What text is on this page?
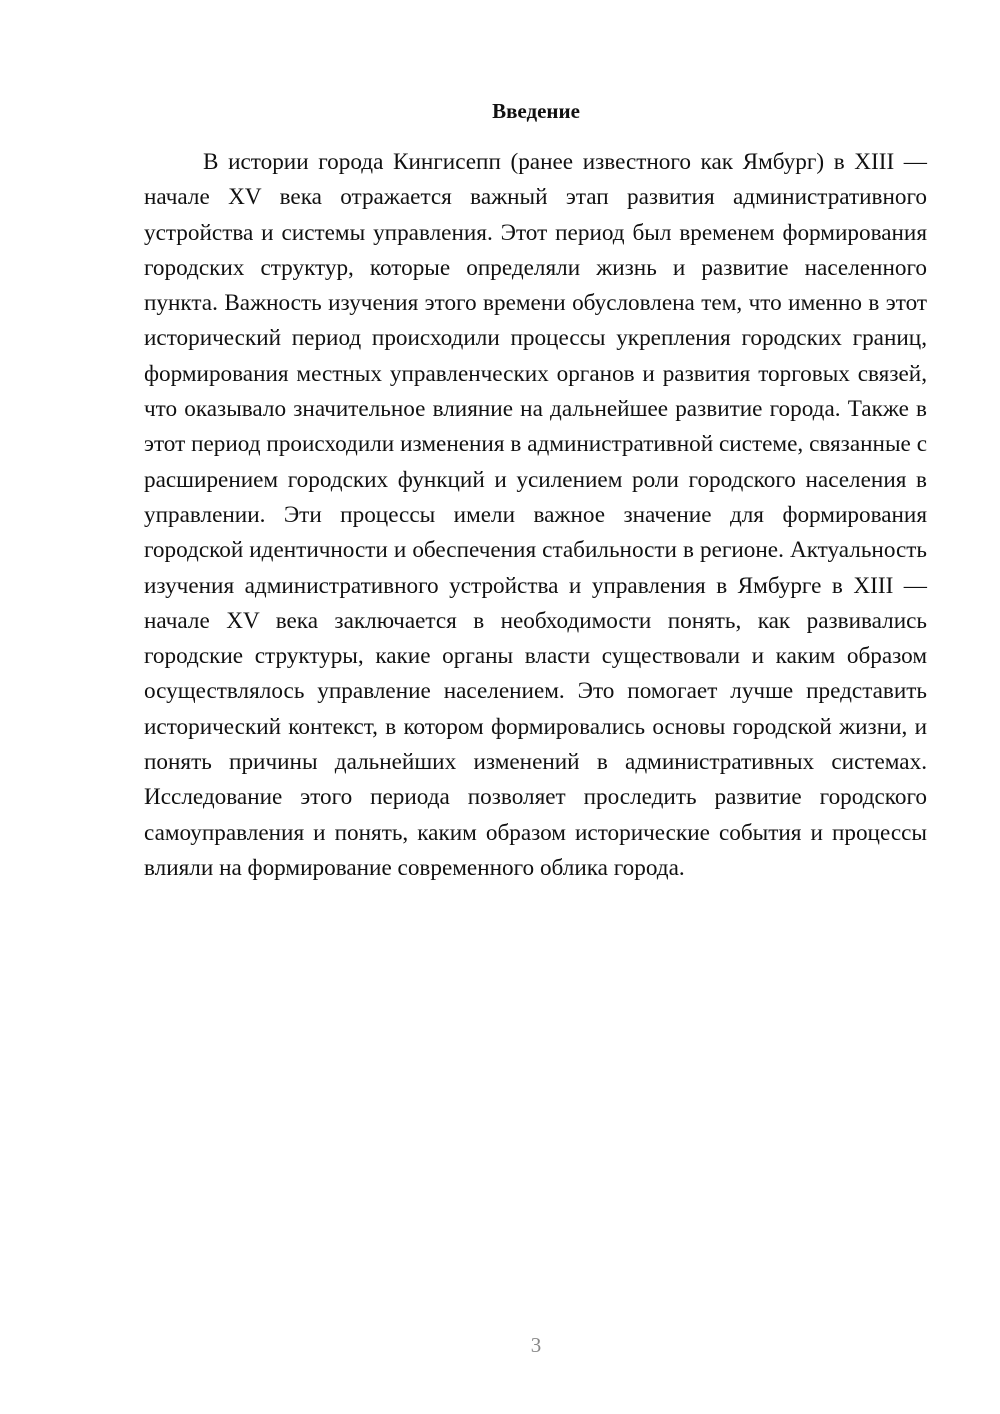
Введение

В истории города Кингисепп (ранее известного как Ямбург) в XIII — начале XV века отражается важный этап развития административного устройства и системы управления. Этот период был временем формирования городских структур, которые определяли жизнь и развитие населенного пункта. Важность изучения этого времени обусловлена тем, что именно в этот исторический период происходили процессы укрепления городских границ, формирования местных управленческих органов и развития торговых связей, что оказывало значительное влияние на дальнейшее развитие города. Также в этот период происходили изменения в административной системе, связанные с расширением городских функций и усилением роли городского населения в управлении. Эти процессы имели важное значение для формирования городской идентичности и обеспечения стабильности в регионе. Актуальность изучения административного устройства и управления в Ямбурге в XIII — начале XV века заключается в необходимости понять, как развивались городские структуры, какие органы власти существовали и каким образом осуществлялось управление населением. Это помогает лучше представить исторический контекст, в котором формировались основы городской жизни, и понять причины дальнейших изменений в административных системах. Исследование этого периода позволяет проследить развитие городского самоуправления и понять, каким образом исторические события и процессы влияли на формирование современного облика города.

3
